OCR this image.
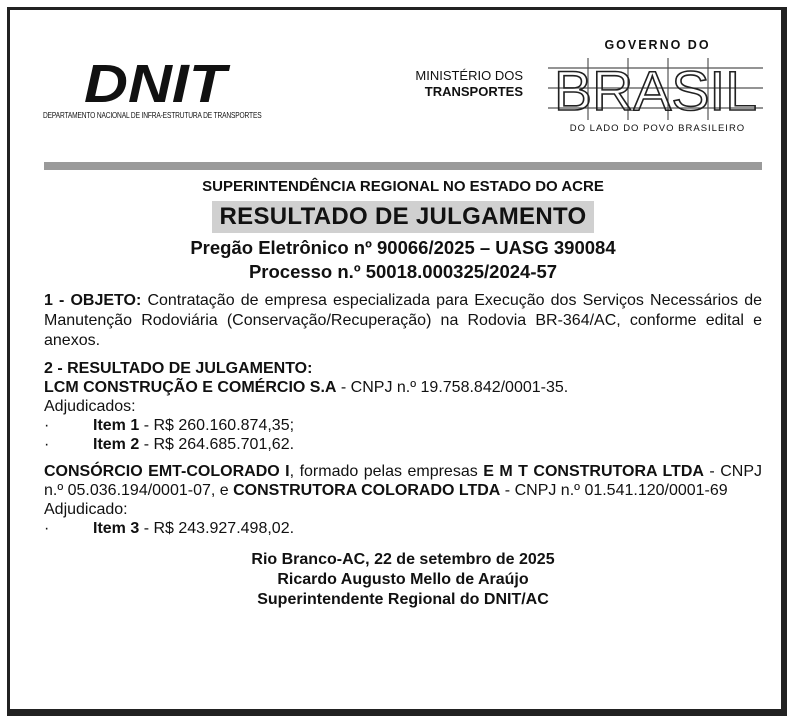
DNIT
DEPARTAMENTO NACIONAL DE INFRA-ESTRUTURA DE TRANSPORTES
MINISTÉRIO DOS
TRANSPORTES
GOVERNO DO
BRASIL
DO LADO DO POVO BRASILEIRO
SUPERINTENDÊNCIA REGIONAL NO ESTADO DO ACRE
RESULTADO DE JULGAMENTO
Pregão Eletrônico nº 90066/2025 – UASG 390084
Processo n.º 50018.000325/2024-57
1 - OBJETO: Contratação de empresa especializada para Execução dos Serviços Necessários de Manutenção Rodoviária (Conservação/Recuperação) na Rodovia BR-364/AC, conforme edital e anexos.
2 - RESULTADO DE JULGAMENTO:
LCM CONSTRUÇÃO E COMÉRCIO S.A - CNPJ n.º 19.758.842/0001-35.
Adjudicados:
·	Item 1 - R$ 260.160.874,35;
·	Item 2 - R$ 264.685.701,62.
CONSÓRCIO EMT-COLORADO I, formado pelas empresas E M T CONSTRUTORA LTDA - CNPJ n.º 05.036.194/0001-07, e CONSTRUTORA COLORADO LTDA - CNPJ n.º 01.541.120/0001-69
Adjudicado:
·	Item 3 - R$ 243.927.498,02.
Rio Branco-AC, 22 de setembro de 2025
Ricardo Augusto Mello de Araújo
Superintendente Regional do DNIT/AC
